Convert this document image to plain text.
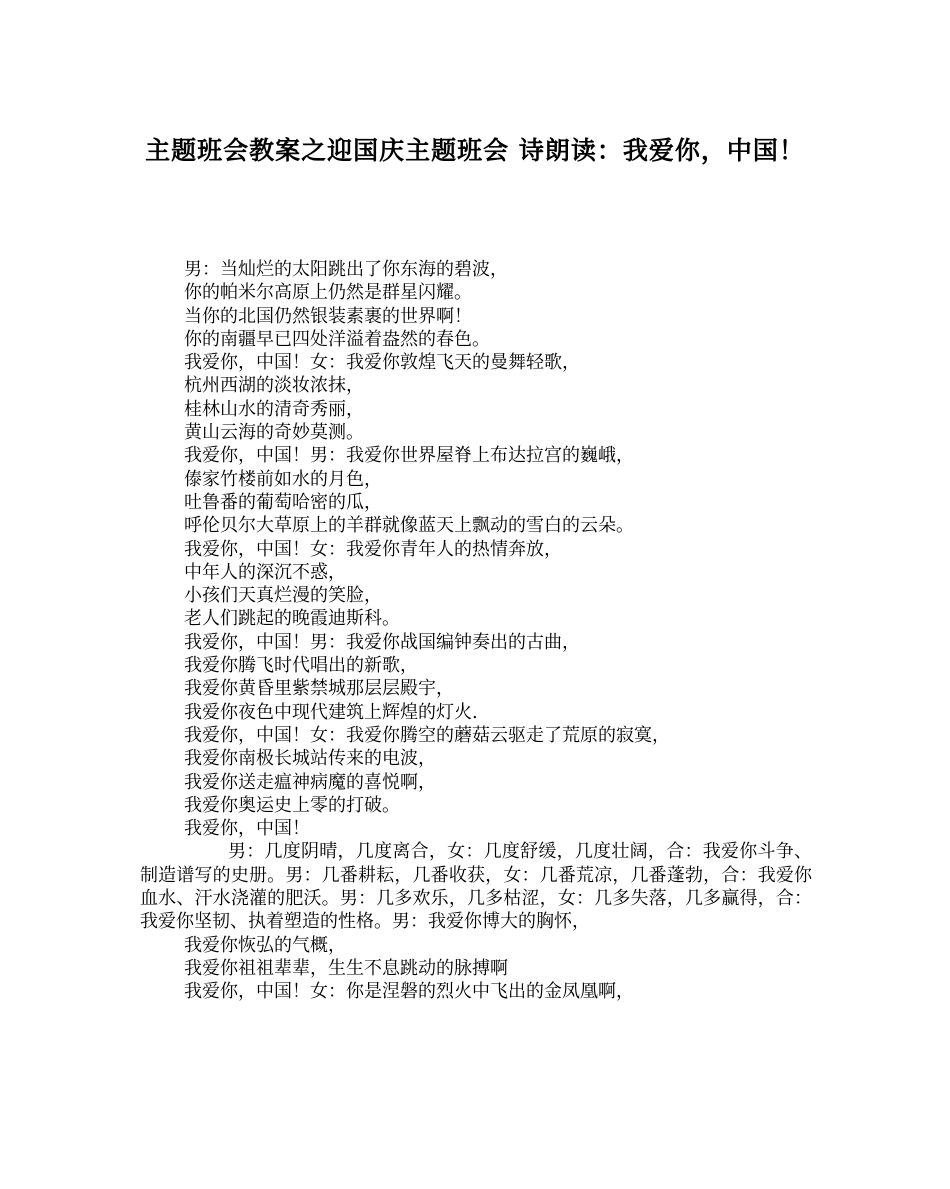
主题班会教案之迎国庆主题班会 诗朗读：我爱你，中国！
男：当灿烂的太阳跳出了你东海的碧波，
你的帕米尔高原上仍然是群星闪耀。
当你的北国仍然银装素裹的世界啊！
你的南疆早已四处洋溢着盎然的春色。
我爱你，中国！女：我爱你敦煌飞天的曼舞轻歌，
杭州西湖的淡妆浓抹，
桂林山水的清奇秀丽，
黄山云海的奇妙莫测。
我爱你，中国！男：我爱你世界屋脊上布达拉宫的巍峨，
傣家竹楼前如水的月色，
吐鲁番的葡萄哈密的瓜，
呼伦贝尔大草原上的羊群就像蓝天上飘动的雪白的云朵。
我爱你，中国！女：我爱你青年人的热情奔放，
中年人的深沉不惑，
小孩们天真烂漫的笑脸，
老人们跳起的晚霞迪斯科。
我爱你，中国！男：我爱你战国编钟奏出的古曲，
我爱你腾飞时代唱出的新歌，
我爱你黄昏里紫禁城那层层殿宇，
我爱你夜色中现代建筑上辉煌的灯火.
我爱你，中国！女：我爱你腾空的蘑菇云驱走了荒原的寂寞，
我爱你南极长城站传来的电波，
我爱你送走瘟神病魔的喜悦啊，
我爱你奥运史上零的打破。
我爱你，中国！
男：几度阴晴，几度离合，女：几度舒缓，几度壮阔，合：我爱你斗争、制造谱写的史册。男：几番耕耘，几番收获，女：几番荒凉，几番蓬勃，合：我爱你血水、汗水浇灌的肥沃。男：几多欢乐，几多枯涩，女：几多失落，几多赢得，合：我爱你坚韧、执着塑造的性格。男：我爱你博大的胸怀，
我爱你恢弘的气概，
我爱你祖祖辈辈，生生不息跳动的脉搏啊
我爱你，中国！女：你是涅磐的烈火中飞出的金凤凰啊，
